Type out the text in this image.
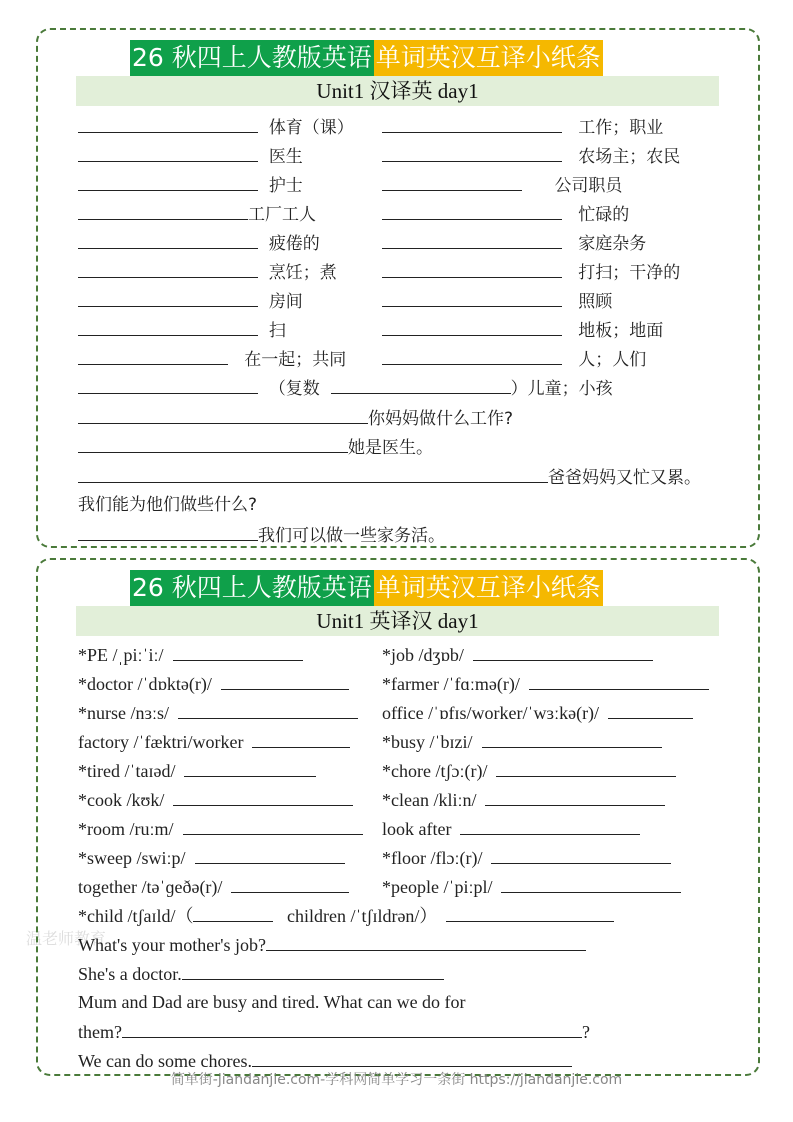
温老师教育
26 秋四上人教版英语 单词英汉互译小纸条
Unit1 汉译英 day1
体育（课）	工作；职业
医生	农场主；农民
护士	公司职员
工厂工人	忙碌的
疲倦的	家庭杂务
烹饪；煮	打扫；干净的
房间	照顾
扫	地板；地面
在一起；共同	人；人们
（复数	）儿童；小孩
你妈妈做什么工作?
她是医生。
爸爸妈妈又忙又累。
我们能为他们做些什么?
我们可以做一些家务活。
26 秋四上人教版英语 单词英汉互译小纸条
Unit1 英译汉 day1
*PE /ˌpiːˈiː/	*job /dʒɒb/
*doctor /ˈdɒktə(r)/	*farmer /ˈfɑːmə(r)/
*nurse /nɜːs/	office /ˈɒfɪs/worker/ˈwɜːkə(r)/
factory /ˈfæktri/worker	*busy /ˈbɪzi/
*tired /ˈtaɪəd/	*chore /tʃɔː(r)/
*cook /kʊk/	*clean /kliːn/
*room /ruːm/	look after
*sweep /swiːp/	*floor /flɔː(r)/
together /təˈɡeðə(r)/	*people /ˈpiːpl/
*child /tʃaɪld/（	children /ˈtʃɪldrən/）
What's your mother's job?
She's a doctor.
Mum and Dad are busy and tired. What can we do for
them?	?
We can do some chores.
简单街-jiandanjie.com-学科网简单学习一条街 https://jiandanjie.com
